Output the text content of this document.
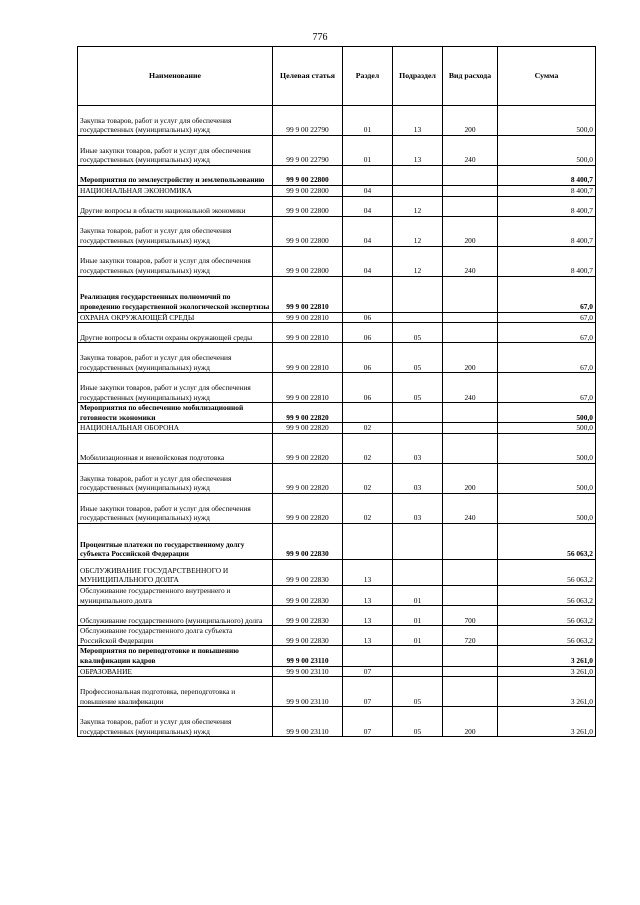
776
Наименование	Целевая статья	Раздел	Подраздел	Вид расхода	Сумма
Закупка товаров, работ и услуг для обеспечения государственных (муниципальных) нужд	99 9 00 22790	01	13	200	500,0
Иные закупки товаров, работ и услуг для обеспечения государственных (муниципальных) нужд	99 9 00 22790	01	13	240	500,0
Мероприятия по землеустройству и землепользованию	99 9 00 22800				8 400,7
НАЦИОНАЛЬНАЯ ЭКОНОМИКА	99 9 00 22800	04			8 400,7
Другие вопросы в области национальной экономики	99 9 00 22800	04	12		8 400,7
Закупка товаров, работ и услуг для обеспечения государственных (муниципальных) нужд	99 9 00 22800	04	12	200	8 400,7
Иные закупки товаров, работ и услуг для обеспечения государственных (муниципальных) нужд	99 9 00 22800	04	12	240	8 400,7
Реализация государственных полномочий по проведению государственной экологической экспертизы	99 9 00 22810				67,0
ОХРАНА ОКРУЖАЮЩЕЙ СРЕДЫ	99 9 00 22810	06			67,0
Другие вопросы в области охраны окружающей среды	99 9 00 22810	06	05		67,0
Закупка товаров, работ и услуг для обеспечения государственных (муниципальных) нужд	99 9 00 22810	06	05	200	67,0
Иные закупки товаров, работ и услуг для обеспечения государственных (муниципальных) нужд	99 9 00 22810	06	05	240	67,0
Мероприятия по обеспечению мобилизационной готовности экономики	99 9 00 22820				500,0
НАЦИОНАЛЬНАЯ ОБОРОНА	99 9 00 22820	02			500,0
Мобилизационная и вневойсковая подготовка	99 9 00 22820	02	03		500,0
Закупка товаров, работ и услуг для обеспечения государственных (муниципальных) нужд	99 9 00 22820	02	03	200	500,0
Иные закупки товаров, работ и услуг для обеспечения государственных (муниципальных) нужд	99 9 00 22820	02	03	240	500,0
Процентные платежи по государственному долгу субъекта Российской Федерации	99 9 00 22830				56 063,2
ОБСЛУЖИВАНИЕ ГОСУДАРСТВЕННОГО И МУНИЦИПАЛЬНОГО ДОЛГА	99 9 00 22830	13			56 063,2
Обслуживание государственного внутреннего и муниципального долга	99 9 00 22830	13	01		56 063,2
Обслуживание государственного (муниципального) долга	99 9 00 22830	13	01	700	56 063,2
Обслуживание государственного долга субъекта Российской Федерации	99 9 00 22830	13	01	720	56 063,2
Мероприятия по переподготовке и повышению квалификации кадров	99 9 00 23110				3 261,0
ОБРАЗОВАНИЕ	99 9 00 23110	07			3 261,0
Профессиональная подготовка, переподготовка и повышение квалификации	99 9 00 23110	07	05		3 261,0
Закупка товаров, работ и услуг для обеспечения государственных (муниципальных) нужд	99 9 00 23110	07	05	200	3 261,0
